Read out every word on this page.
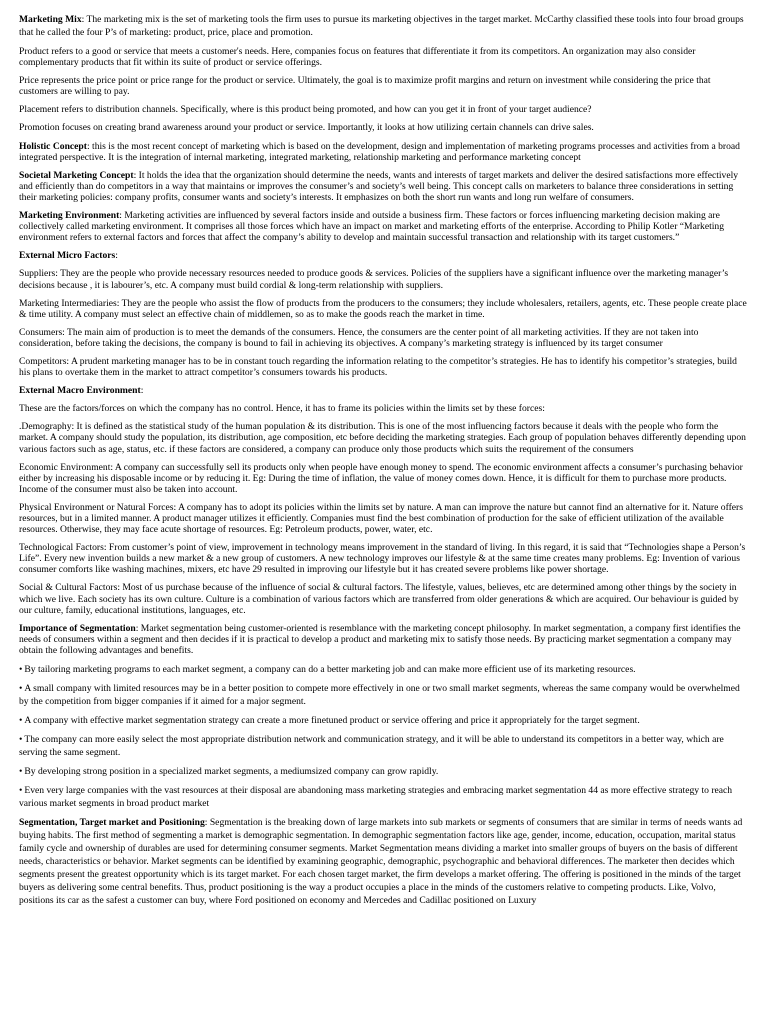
Marketing Mix: The marketing mix is the set of marketing tools the firm uses to pursue its marketing objectives in the target market. McCarthy classified these tools into four broad groups that he called the four P’s of marketing: product, price, place and promotion.

Product refers to a good or service that meets a customer's needs. Here, companies focus on features that differentiate it from its competitors. An organization may also consider complementary products that fit within its suite of product or service offerings.

Price represents the price point or price range for the product or service. Ultimately, the goal is to maximize profit margins and return on investment while considering the price that customers are willing to pay.

Placement refers to distribution channels. Specifically, where is this product being promoted, and how can you get it in front of your target audience?

Promotion focuses on creating brand awareness around your product or service. Importantly, it looks at how utilizing certain channels can drive sales.

Holistic Concept: this is the most recent concept of marketing which is based on the development, design and implementation of marketing programs processes and activities from a broad integrated perspective. It is the integration of internal marketing, integrated marketing, relationship marketing and performance marketing concept

Societal Marketing Concept: It holds the idea that the organization should determine the needs, wants and interests of target markets and deliver the desired satisfactions more effectively and efficiently than do competitors in a way that maintains or improves the consumer’s and society’s well being. This concept calls on marketers to balance three considerations in setting their marketing policies: company profits, consumer wants and society’s interests. It emphasizes on both the short run wants and long run welfare of consumers.

Marketing Environment: Marketing activities are influenced by several factors inside and outside a business firm. These factors or forces influencing marketing decision making are collectively called marketing environment. It comprises all those forces which have an impact on market and marketing efforts of the enterprise. According to Philip Kotler “Marketing environment refers to external factors and forces that affect the company’s ability to develop and maintain successful transaction and relationship with its target customers.”

External Micro Factors:

Suppliers: They are the people who provide necessary resources needed to produce goods & services. Policies of the suppliers have a significant influence over the marketing manager’s decisions because , it is labourer’s, etc. A company must build cordial & long-term relationship with suppliers.

Marketing Intermediaries: They are the people who assist the flow of products from the producers to the consumers; they include wholesalers, retailers, agents, etc. These people create place & time utility. A company must select an effective chain of middlemen, so as to make the goods reach the market in time.

Consumers: The main aim of production is to meet the demands of the consumers. Hence, the consumers are the center point of all marketing activities. If they are not taken into consideration, before taking the decisions, the company is bound to fail in achieving its objectives. A company’s marketing strategy is influenced by its target consumer

Competitors: A prudent marketing manager has to be in constant touch regarding the information relating to the competitor’s strategies. He has to identify his competitor’s strategies, build his plans to overtake them in the market to attract competitor’s consumers towards his products.

External Macro Environment:

These are the factors/forces on which the company has no control. Hence, it has to frame its policies within the limits set by these forces:

.Demography: It is defined as the statistical study of the human population & its distribution. This is one of the most influencing factors because it deals with the people who form the market. A company should study the population, its distribution, age composition, etc before deciding the marketing strategies. Each group of population behaves differently depending upon various factors such as age, status, etc. if these factors are considered, a company can produce only those products which suits the requirement of the consumers

Economic Environment: A company can successfully sell its products only when people have enough money to spend. The economic environment affects a consumer’s purchasing behavior either by increasing his disposable income or by reducing it. Eg: During the time of inflation, the value of money comes down. Hence, it is difficult for them to purchase more products. Income of the consumer must also be taken into account.

Physical Environment or Natural Forces: A company has to adopt its policies within the limits set by nature. A man can improve the nature but cannot find an alternative for it. Nature offers resources, but in a limited manner. A product manager utilizes it efficiently. Companies must find the best combination of production for the sake of efficient utilization of the available resources. Otherwise, they may face acute shortage of resources. Eg: Petroleum products, power, water, etc.

Technological Factors: From customer’s point of view, improvement in technology means improvement in the standard of living. In this regard, it is said that “Technologies shape a Person’s Life”. Every new invention builds a new market & a new group of customers. A new technology improves our lifestyle & at the same time creates many problems. Eg: Invention of various consumer comforts like washing machines, mixers, etc have 29 resulted in improving our lifestyle but it has created severe problems like power shortage.

Social & Cultural Factors: Most of us purchase because of the influence of social & cultural factors. The lifestyle, values, believes, etc are determined among other things by the society in which we live. Each society has its own culture. Culture is a combination of various factors which are transferred from older generations & which are acquired. Our behaviour is guided by our culture, family, educational institutions, languages, etc.

Importance of Segmentation: Market segmentation being customer-oriented is resemblance with the marketing concept philosophy. In market segmentation, a company first identifies the needs of consumers within a segment and then decides if it is practical to develop a product and marketing mix to satisfy those needs. By practicing market segmentation a company may obtain the following advantages and benefits.

• By tailoring marketing programs to each market segment, a company can do a better marketing job and can make more efficient use of its marketing resources.

• A small company with limited resources may be in a better position to compete more effectively in one or two small market segments, whereas the same company would be overwhelmed by the competition from bigger companies if it aimed for a major segment.

• A company with effective market segmentation strategy can create a more finetuned product or service offering and price it appropriately for the target segment.

• The company can more easily select the most appropriate distribution network and communication strategy, and it will be able to understand its competitors in a better way, which are serving the same segment.

• By developing strong position in a specialized market segments, a mediumsized company can grow rapidly.

• Even very large companies with the vast resources at their disposal are abandoning mass marketing strategies and embracing market segmentation 44 as more effective strategy to reach various market segments in broad product market

Segmentation, Target market and Positioning: Segmentation is the breaking down of large markets into sub markets or segments of consumers that are similar in terms of needs wants ad buying habits. The first method of segmenting a market is demographic segmentation. In demographic segmentation factors like age, gender, income, education, occupation, marital status family cycle and ownership of durables are used for determining consumer segments. Market Segmentation means dividing a market into smaller groups of buyers on the basis of different needs, characteristics or behavior. Market segments can be identified by examining geographic, demographic, psychographic and behavioral differences. The marketer then decides which segments present the greatest opportunity which is its target market. For each chosen target market, the firm develops a market offering. The offering is positioned in the minds of the target buyers as delivering some central benefits. Thus, product positioning is the way a product occupies a place in the minds of the customers relative to competing products. Like, Volvo, positions its car as the safest a customer can buy, where Ford positioned on economy and Mercedes and Cadillac positioned on Luxury
